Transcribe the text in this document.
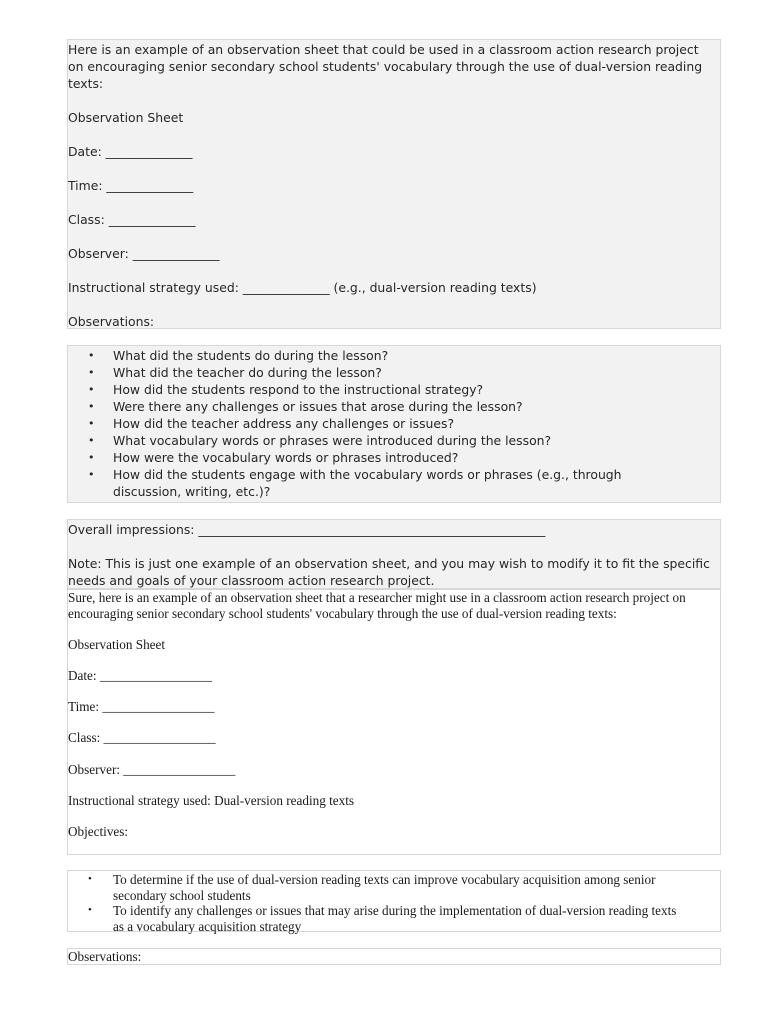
Here is an example of an observation sheet that could be used in a classroom action research project on encouraging senior secondary school students' vocabulary through the use of dual-version reading texts:

Observation Sheet

Date: ______________

Time: ______________

Class: ______________

Observer: ______________

Instructional strategy used: ______________ (e.g., dual-version reading texts)

Observations:

• What did the students do during the lesson?
• What did the teacher do during the lesson?
• How did the students respond to the instructional strategy?
• Were there any challenges or issues that arose during the lesson?
• How did the teacher address any challenges or issues?
• What vocabulary words or phrases were introduced during the lesson?
• How were the vocabulary words or phrases introduced?
• How did the students engage with the vocabulary words or phrases (e.g., through discussion, writing, etc.)?

Overall impressions: ________________________________________________________

Note: This is just one example of an observation sheet, and you may wish to modify it to fit the specific needs and goals of your classroom action research project.

Sure, here is an example of an observation sheet that a researcher might use in a classroom action research project on encouraging senior secondary school students' vocabulary through the use of dual-version reading texts:

Observation Sheet

Date: _________________

Time: _________________

Class: _________________

Observer: _________________

Instructional strategy used: Dual-version reading texts

Objectives:

• To determine if the use of dual-version reading texts can improve vocabulary acquisition among senior secondary school students
• To identify any challenges or issues that may arise during the implementation of dual-version reading texts as a vocabulary acquisition strategy

Observations:
